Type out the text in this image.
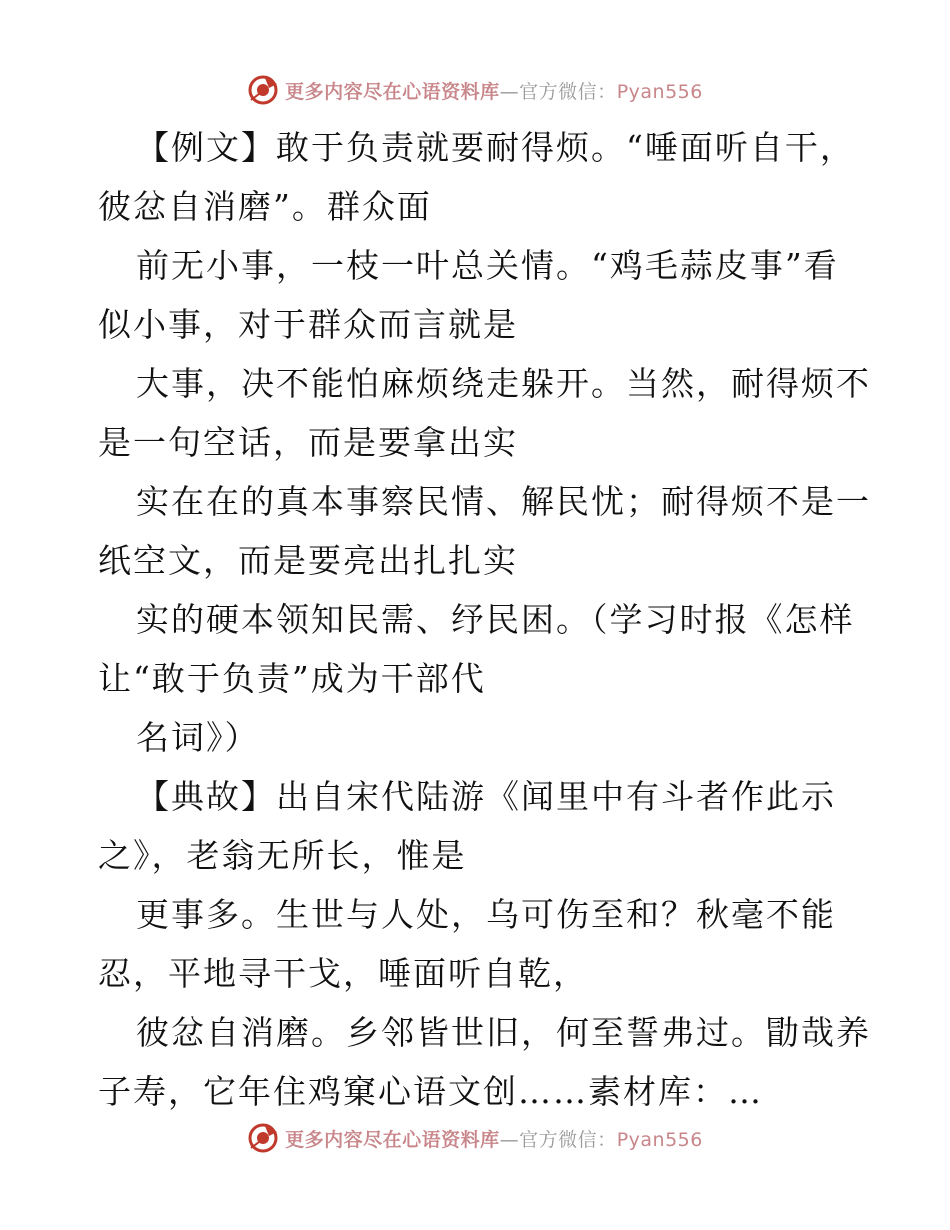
更多内容尽在心语资料库—官方微信：Pyan556
【例文】敢于负责就要耐得烦。“唾面听自干，
彼忿自消磨”。群众面
前无小事，一枝一叶总关情。“鸡毛蒜皮事”看
似小事，对于群众而言就是
大事，决不能怕麻烦绕走躲开。当然，耐得烦不
是一句空话，而是要拿出实
实在在的真本事察民情、解民忧；耐得烦不是一
纸空文，而是要亮出扎扎实
实的硬本领知民需、纾民困。（学习时报《怎样
让“敢于负责”成为干部代
名词》）
【典故】出自宋代陆游《闻里中有斗者作此示
之》，老翁无所长，惟是
更事多。生世与人处，乌可伤至和？秋毫不能
忍，平地寻干戈，唾面听自乾，
彼忿自消磨。乡邻皆世旧，何至誓弗过。勖哉养
子寿，它年住鸡窠心语文创……素材库：…
更多内容尽在心语资料库—官方微信：Pyan556
